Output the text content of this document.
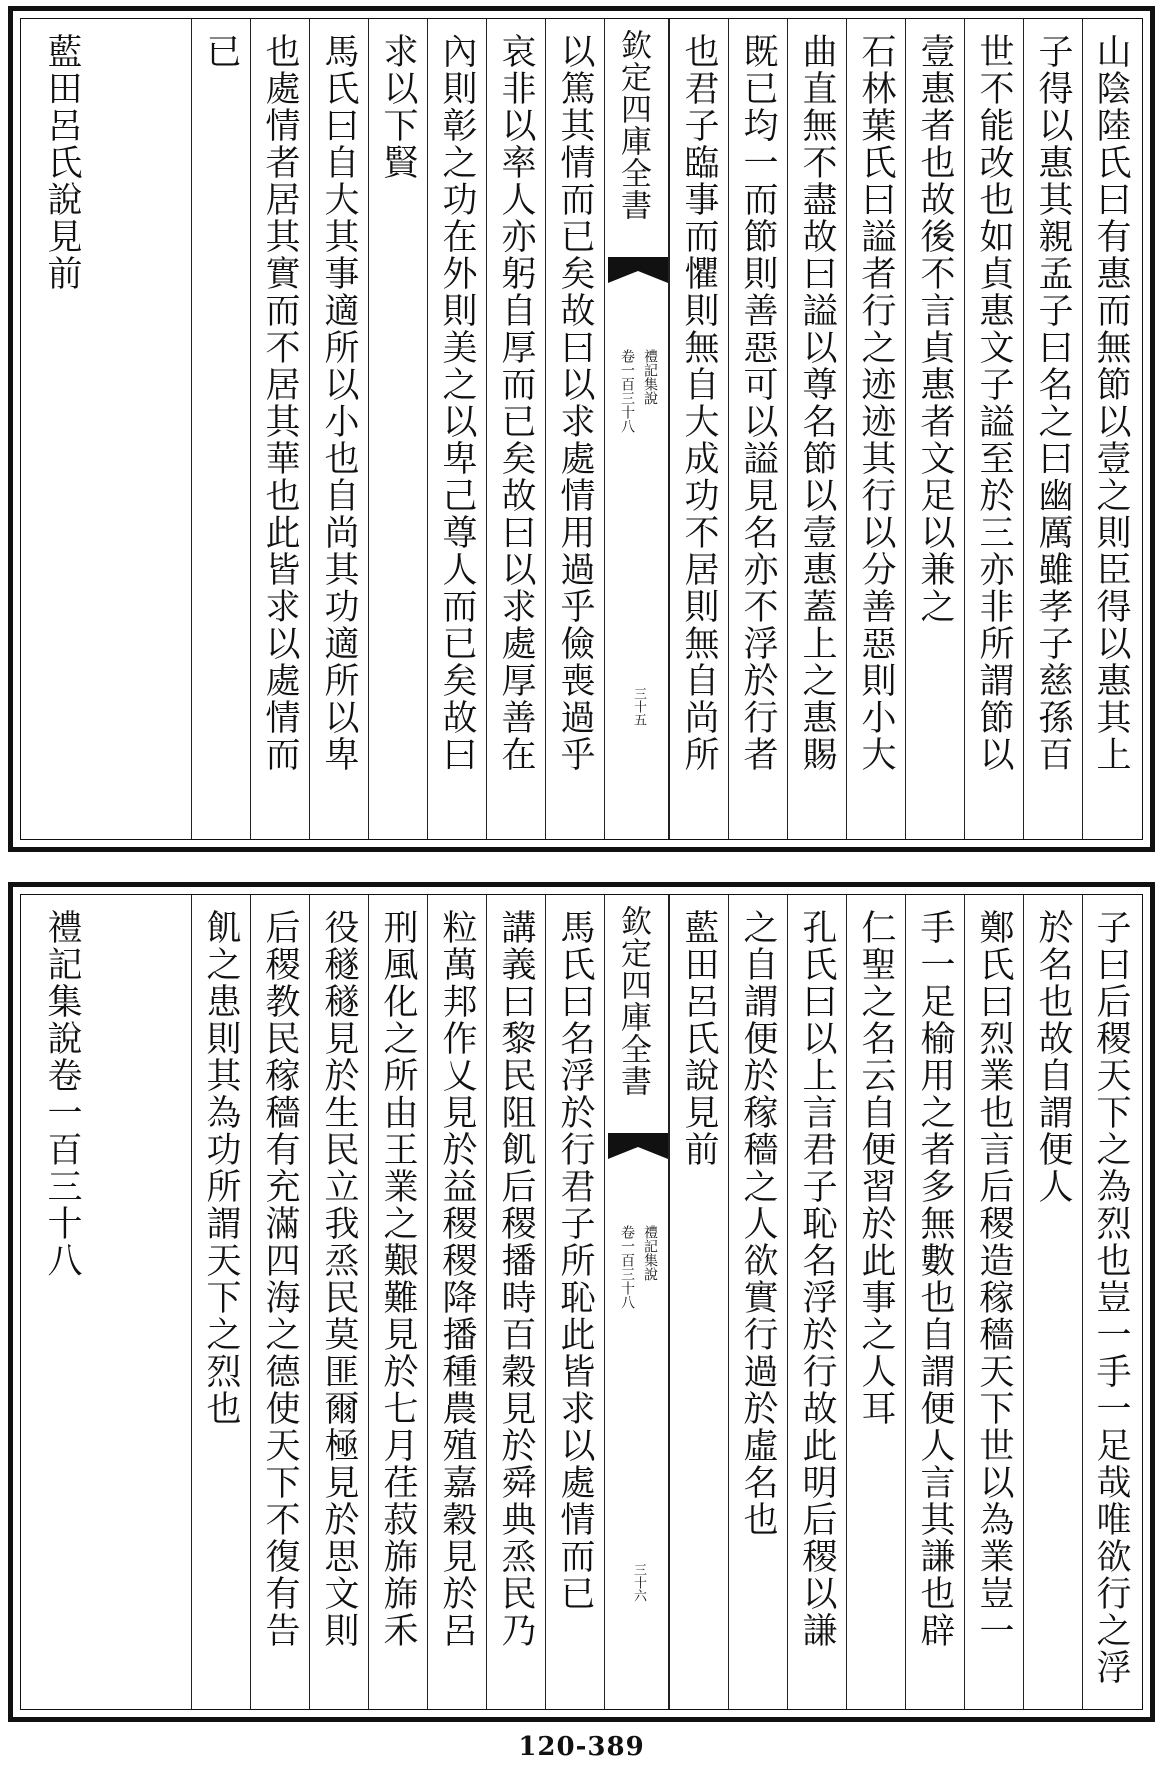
山陰陸氏曰有惠而無節以壹之則臣得以惠其上
子得以惠其親孟子曰名之曰幽厲雖孝子慈孫百
世不能改也如貞惠文子謚至於三亦非所謂節以
壹惠者也故後不言貞惠者文足以兼之
石林葉氏曰謚者行之迹迹其行以分善惡則小大
曲直無不盡故曰謚以尊名節以壹惠蓋上之惠賜
既已均一而節則善惡可以謚見名亦不浮於行者
也君子臨事而懼則無自大成功不居則無自尚所
欽定四庫全書
禮記集說
卷一百三十八
三十五
以篤其情而已矣故曰以求處情用過乎儉喪過乎
哀非以率人亦躬自厚而已矣故曰以求處厚善在
內則彰之功在外則美之以卑己尊人而已矣故曰
求以下賢
馬氏曰自大其事適所以小也自尚其功適所以卑
也處情者居其實而不居其華也此皆求以處情而
已
藍田呂氏說見前
子曰后稷天下之為烈也豈一手一足哉唯欲行之浮
於名也故自謂便人
鄭氏曰烈業也言后稷造稼穡天下世以為業豈一
手一足榆用之者多無數也自謂便人言其謙也辟
仁聖之名云自便習於此事之人耳
孔氏曰以上言君子恥名浮於行故此明后稷以謙
之自謂便於稼穡之人欲實行過於虛名也
藍田呂氏說見前
欽定四庫全書
禮記集說
卷一百三十八
三十六
馬氏曰名浮於行君子所恥此皆求以處情而已
講義曰黎民阻飢后稷播時百穀見於舜典烝民乃
粒萬邦作乂見於益稷稷降播種農殖嘉穀見於呂
刑風化之所由王業之艱難見於七月荏菽旆旆禾
役穟穟見於生民立我烝民莫匪爾極見於思文則
后稷教民稼穡有充滿四海之德使天下不復有告
飢之患則其為功所謂天下之烈也
禮記集說卷一百三十八
120-389
